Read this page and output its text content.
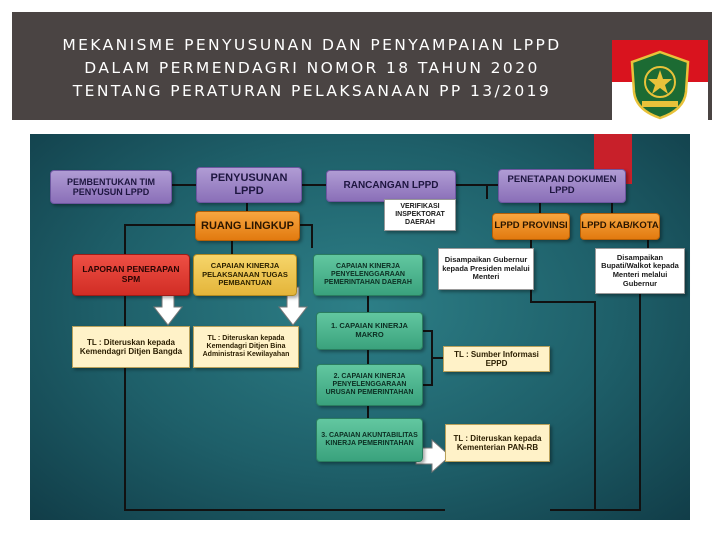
MEKANISME PENYUSUNAN DAN PENYAMPAIAN LPPD
DALAM PERMENDAGRI NOMOR 18 TAHUN 2020
TENTANG PERATURAN PELAKSANAAN PP 13/2019
PEMBENTUKAN TIM PENYUSUN LPPD
PENYUSUNAN LPPD	RANCANGAN LPPD
PENETAPAN DOKUMEN LPPD
RUANG LINGKUP
VERIFIKASI INSPEKTORAT DAERAH	LPPD PROVINSI LPPD KAB/KOTA
LAPORAN PENERAPAN SPM
CAPAIAN KINERJA PELAKSANAAN TUGAS PEMBANTUAN
CAPAIAN KINERJA PENYELENGGARAAN PEMERINTAHAN DAERAH
Disampaikan Gubernur kepada Presiden melalui Menteri
Disampaikan Bupati/Walkot kepada Menteri melalui Gubernur
TL : Diteruskan kepada Kemendagri Ditjen Bangda
TL : Diteruskan kepada Kemendagri Ditjen Bina Administrasi Kewilayahan
1. CAPAIAN KINERJA MAKRO
2. CAPAIAN KINERJA PENYELENGGARAAN URUSAN PEMERINTAHAN
3. CAPAIAN AKUNTABILITAS KINERJA PEMERINTAHAN
TL : Sumber Informasi EPPD
TL : Diteruskan kepada Kementerian PAN-RB
